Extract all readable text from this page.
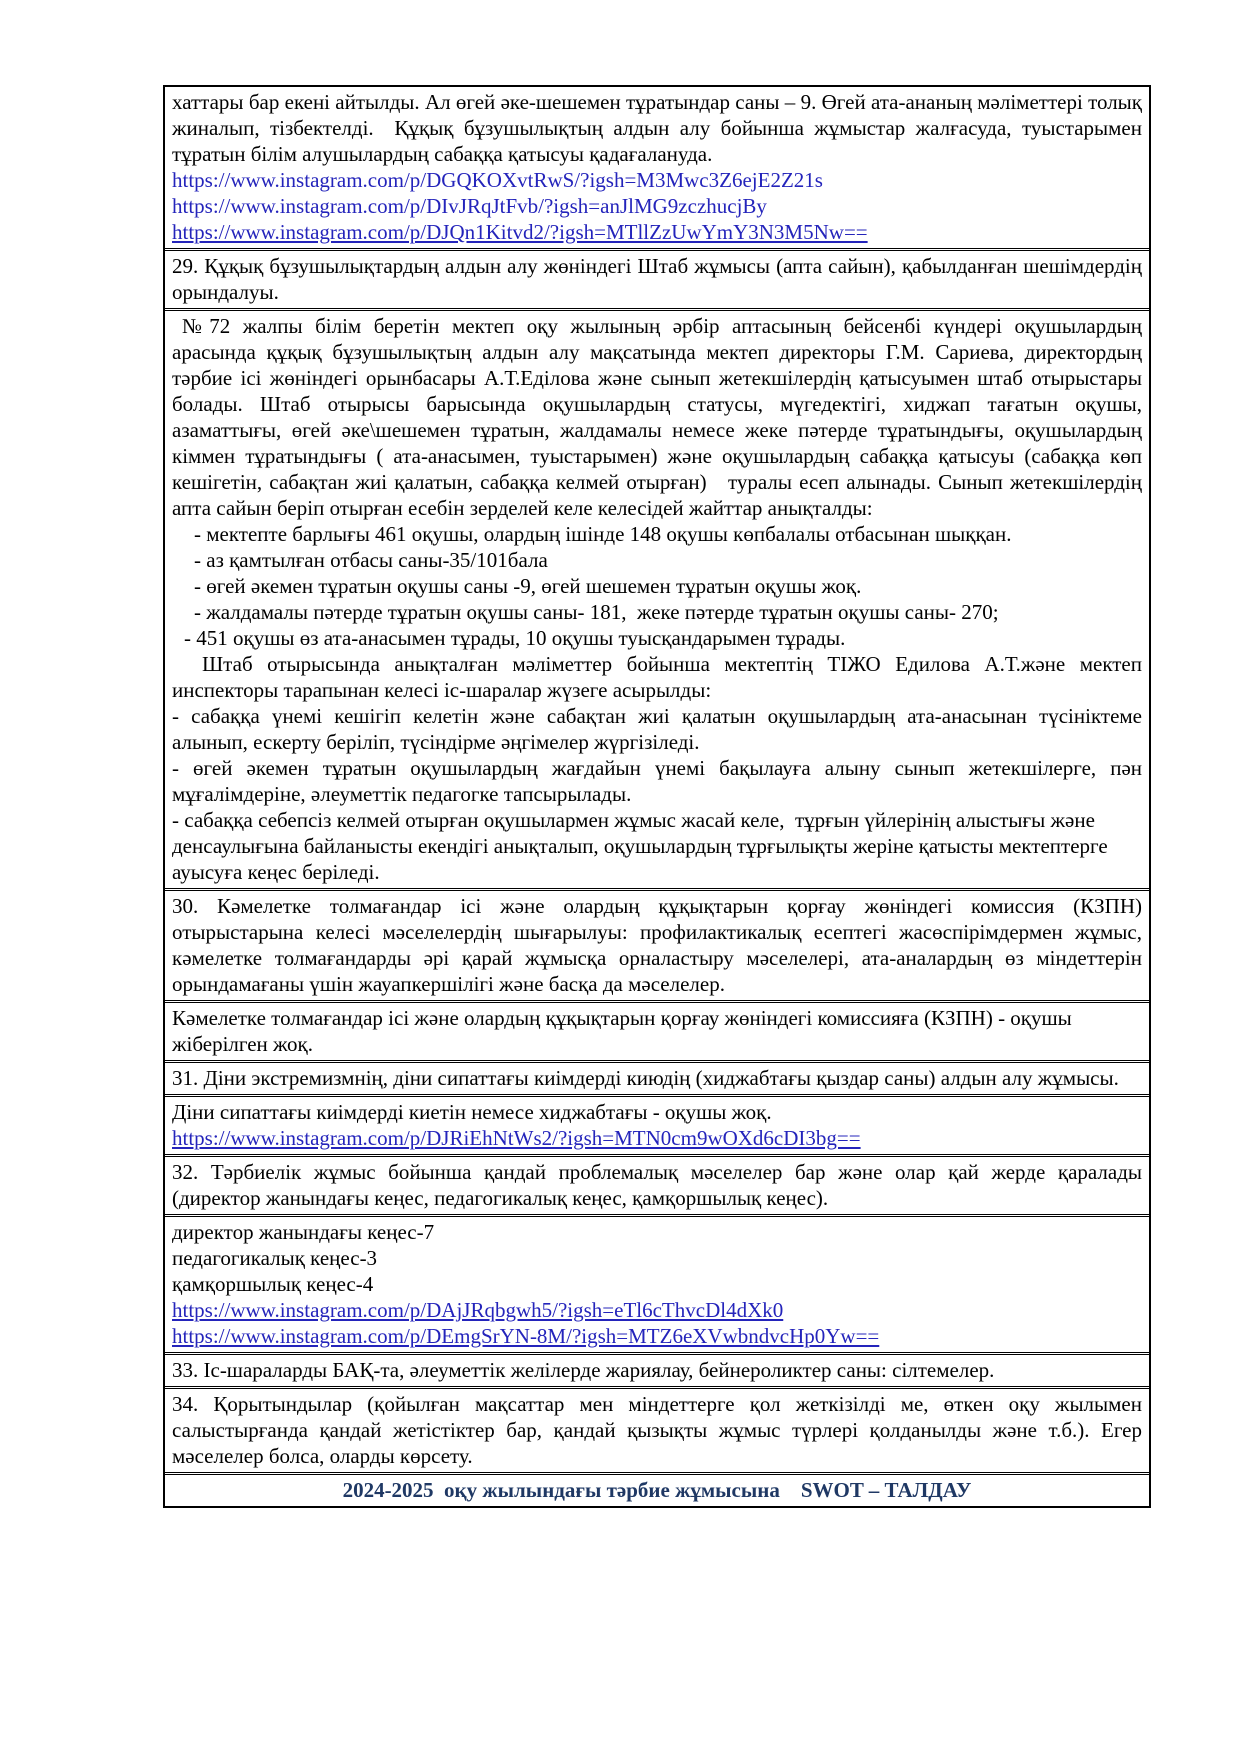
хаттары бар екені айтылды. Ал өгей әке-шешемен тұратындар саны – 9. Өгей ата-ананың мәліметтері толық жиналып, тізбектелді.  Құқық бұзушылықтың алдын алу бойынша жұмыстар жалғасуда, туыстарымен тұратын білім алушылардың сабаққа қатысуы қадағалануда.
https://www.instagram.com/p/DGQKOXvtRwS/?igsh=M3Mwc3Z6ejE2Z21s
https://www.instagram.com/p/DIvJRqJtFvb/?igsh=anJlMG9zczhucjBy
https://www.instagram.com/p/DJQn1Kitvd2/?igsh=MTllZzUwYmY3N3M5Nw==
29. Құқық бұзушылықтардың алдын алу жөніндегі Штаб жұмысы (апта сайын), қабылданған шешімдердің орындалуы.
№72 жалпы білім беретін мектеп оқу жылының әрбір аптасының бейсенбі күндері оқушылардың арасында құқық бұзушылықтың алдын алу мақсатында мектеп директоры Г.М. Сариева, директордың тәрбие ісі жөніндегі орынбасары А.Т.Еділова және сынып жетекшілердің қатысуымен штаб отырыстары болады. Штаб отырысы барысында оқушылардың статусы, мүгедектігі, хиджап тағатын оқушы, азаматтығы, өгей әке\шешемен тұратын, жалдамалы немесе жеке пәтерде тұратындығы, оқушылардың кіммен тұратындығы ( ата-анасымен, туыстарымен) және оқушылардың сабаққа қатысуы (сабаққа көп кешігетін, сабақтан жиі қалатын, сабаққа келмей отырған)   туралы есеп алынады. Сынып жетекшілердің апта сайын беріп отырған есебін зерделей келе келесідей жайттар анықталды:
- мектепте барлығы 461 оқушы, олардың ішінде 148 оқушы көпбалалы отбасынан шыққан.
- аз қамтылған отбасы саны-35/101бала
- өгей әкемен тұратын оқушы саны -9, өгей шешемен тұратын оқушы жоқ.
- жалдамалы пәтерде тұратын оқушы саны- 181,  жеке пәтерде тұратын оқушы саны- 270;
- 451 оқушы өз ата-анасымен тұрады, 10 оқушы туысқандарымен тұрады.
Штаб отырысында анықталған мәліметтер бойынша мектептің ТІЖО Едилова А.Т.және мектеп инспекторы тарапынан келесі іс-шаралар жүзеге асырылды:
- сабаққа үнемі кешігіп келетін және сабақтан жиі қалатын оқушылардың ата-анасынан түсініктеме алынып, ескерту беріліп, түсіндірме әңгімелер жүргізіледі.
- өгей әкемен тұратын оқушылардың жағдайын үнемі бақылауға алыну сынып жетекшілерге, пән мұғалімдеріне, әлеуметтік педагогке тапсырылады.
- сабаққа себепсіз келмей отырған оқушылармен жұмыс жасай келе,  тұрғын үйлерінің алыстығы және денсаулығына байланысты екендігі анықталып, оқушылардың тұрғылықты жеріне қатысты мектептерге ауысуға кеңес беріледі.
30. Кәмелетке толмағандар ісі және олардың құқықтарын қорғау жөніндегі комиссия (КЗПН) отырыстарына келесі мәселелердің шығарылуы: профилактикалық есептегі жасөспірімдермен жұмыс, кәмелетке толмағандарды әрі қарай жұмысқа орналастыру мәселелері, ата-аналардың өз міндеттерін орындамағаны үшін жауапкершілігі және басқа да мәселелер.
Кәмелетке толмағандар ісі және олардың құқықтарын қорғау жөніндегі комиссияға (КЗПН) - оқушы жіберілген жоқ.
31. Діни экстремизмнің, діни сипаттағы киімдерді киюдің (хиджабтағы қыздар саны) алдын алу жұмысы.
Діни сипаттағы киімдерді киетін немесе хиджабтағы - оқушы жоқ.
https://www.instagram.com/p/DJRiEhNtWs2/?igsh=MTN0cm9wOXd6cDI3bg==
32. Тәрбиелік жұмыс бойынша қандай проблемалық мәселелер бар және олар қай жерде қаралады (директор жанындағы кеңес, педагогикалық кеңес, қамқоршылық кеңес).
директор жанындағы кеңес-7
педагогикалық кеңес-3
қамқоршылық кеңес-4
https://www.instagram.com/p/DAjJRqbgwh5/?igsh=eTl6cThvcDl4dXk0
https://www.instagram.com/p/DEmgSrYN-8M/?igsh=MTZ6eXVwbndvcHp0Yw==
33. Іс-шараларды БАҚ-та, әлеуметтік желілерде жариялау, бейнероликтер саны: сілтемелер.
34. Қорытындылар (қойылған мақсаттар мен міндеттерге қол жеткізілді ме, өткен оқу жылымен салыстырғанда қандай жетістіктер бар, қандай қызықты жұмыс түрлері қолданылды және т.б.). Егер мәселелер болса, оларды көрсету.
2024-2025  оқу жылындағы тәрбие жұмысына    SWOT – ТАЛДАУ
